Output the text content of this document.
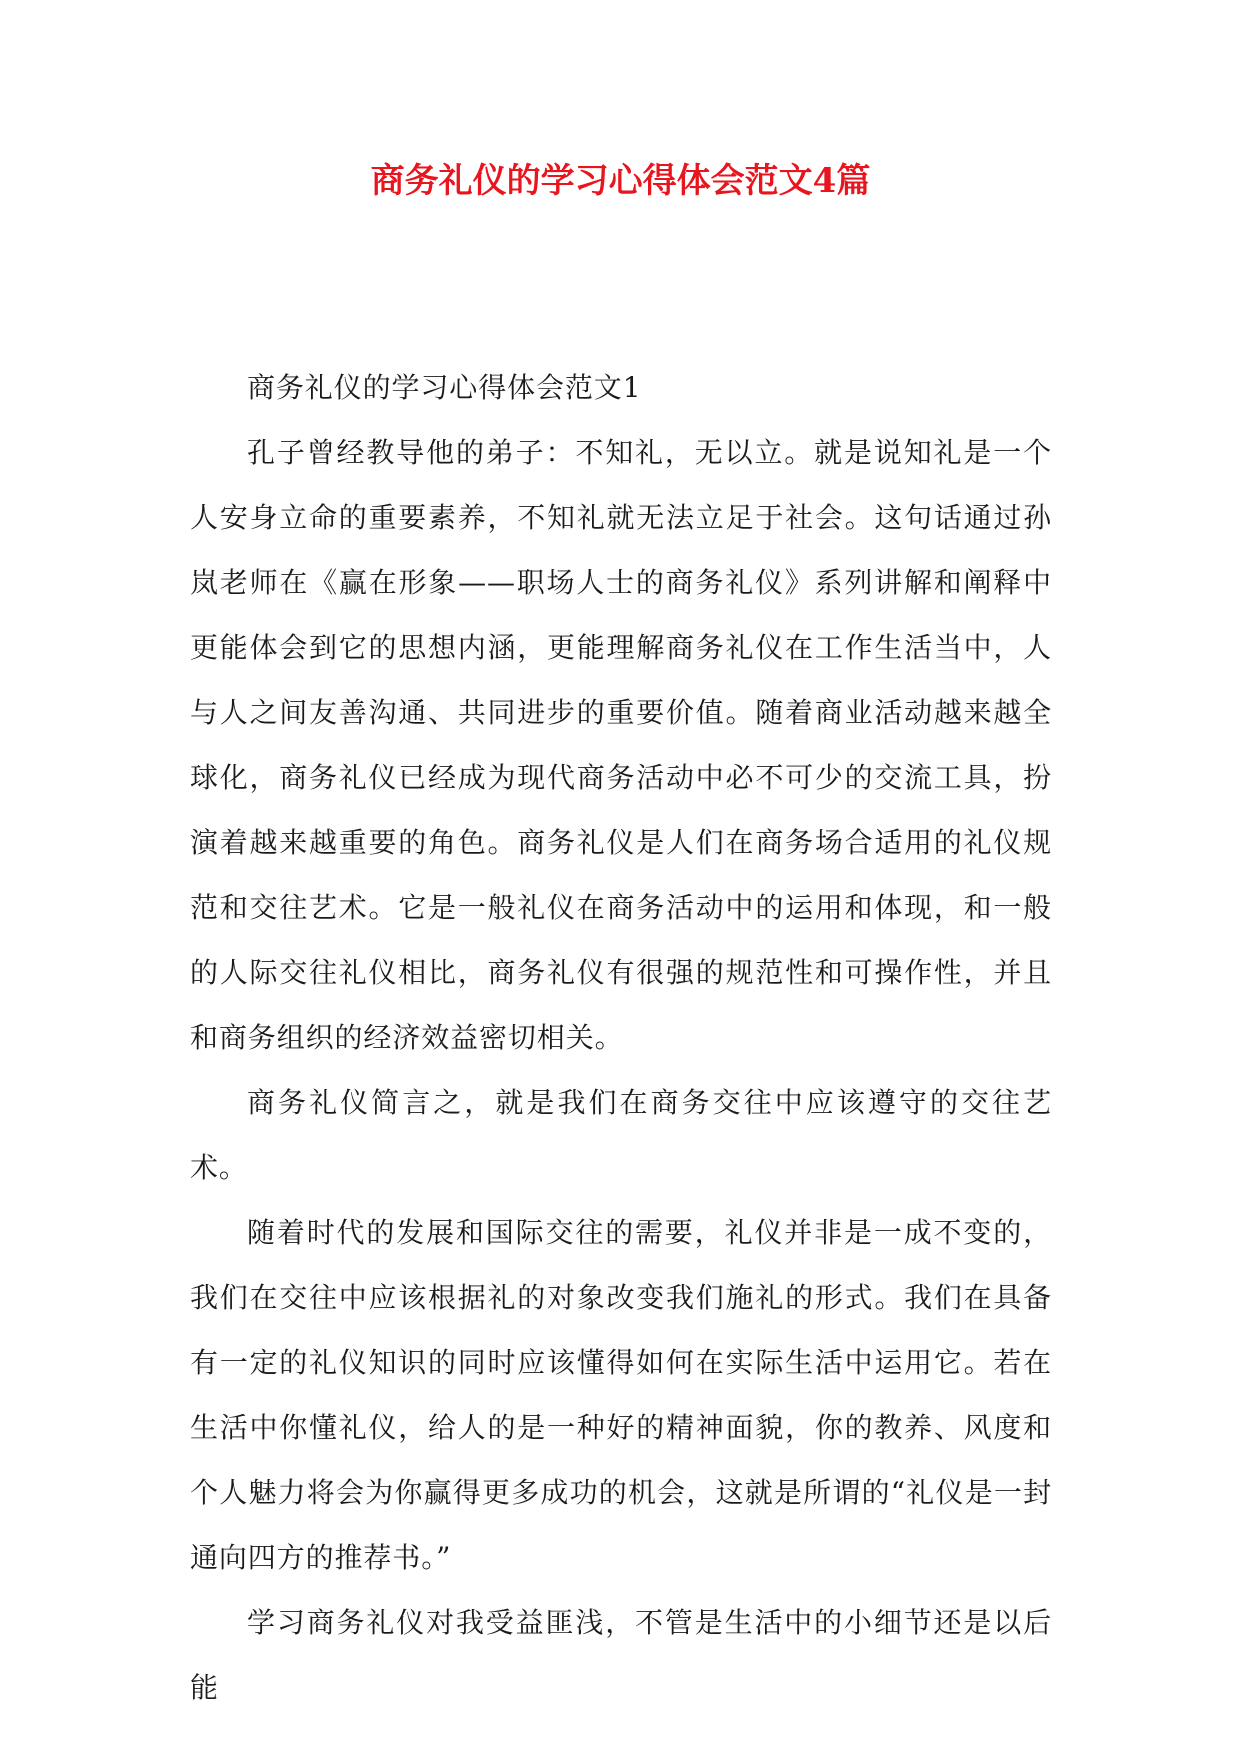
商务礼仪的学习心得体会范文4篇

商务礼仪的学习心得体会范文1

孔子曾经教导他的弟子：不知礼，无以立。就是说知礼是一个人安身立命的重要素养，不知礼就无法立足于社会。这句话通过孙岚老师在《赢在形象——职场人士的商务礼仪》系列讲解和阐释中更能体会到它的思想内涵，更能理解商务礼仪在工作生活当中，人与人之间友善沟通、共同进步的重要价值。随着商业活动越来越全球化，商务礼仪已经成为现代商务活动中必不可少的交流工具，扮演着越来越重要的角色。商务礼仪是人们在商务场合适用的礼仪规范和交往艺术。它是一般礼仪在商务活动中的运用和体现，和一般的人际交往礼仪相比，商务礼仪有很强的规范性和可操作性，并且和商务组织的经济效益密切相关。

商务礼仪简言之，就是我们在商务交往中应该遵守的交往艺术。

随着时代的发展和国际交往的需要，礼仪并非是一成不变的，我们在交往中应该根据礼的对象改变我们施礼的形式。我们在具备有一定的礼仪知识的同时应该懂得如何在实际生活中运用它。若在生活中你懂礼仪，给人的是一种好的精神面貌，你的教养、风度和个人魅力将会为你赢得更多成功的机会，这就是所谓的“礼仪是一封通向四方的推荐书。”

学习商务礼仪对我受益匪浅，不管是生活中的小细节还是以后能
